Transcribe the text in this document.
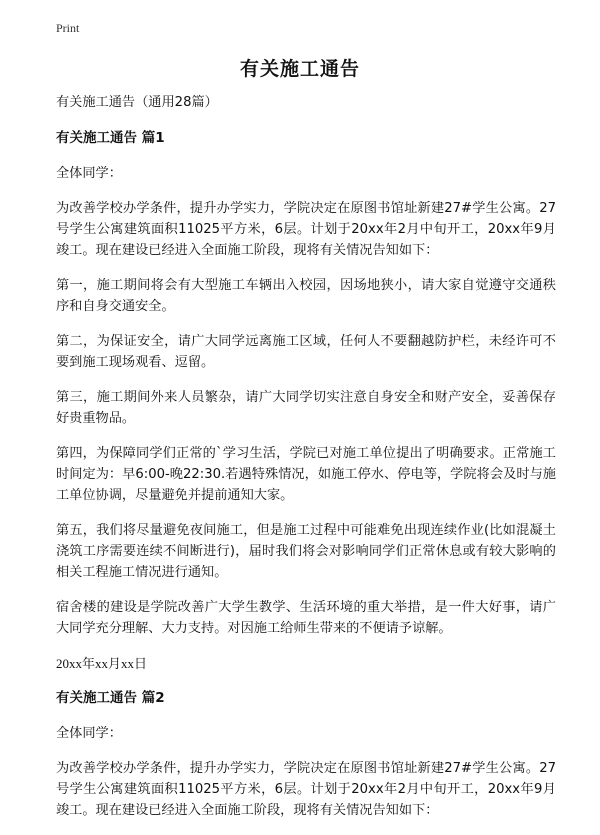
Print
有关施工通告

有关施工通告（通用28篇）

有关施工通告 篇1

全体同学：

为改善学校办学条件，提升办学实力，学院决定在原图书馆址新建27#学生公寓。27号学生公寓建筑面积11025平方米，6层。计划于20xx年2月中旬开工，20xx年9月竣工。现在建设已经进入全面施工阶段，现将有关情况告知如下：

第一，施工期间将会有大型施工车辆出入校园，因场地狭小，请大家自觉遵守交通秩序和自身交通安全。

第二，为保证安全，请广大同学远离施工区域，任何人不要翻越防护栏，未经许可不要到施工现场观看、逗留。

第三，施工期间外来人员繁杂，请广大同学切实注意自身安全和财产安全，妥善保存好贵重物品。

第四，为保障同学们正常的`学习生活，学院已对施工单位提出了明确要求。正常施工时间定为：早6:00-晚22:30.若遇特殊情况，如施工停水、停电等，学院将会及时与施工单位协调，尽量避免并提前通知大家。

第五，我们将尽量避免夜间施工，但是施工过程中可能难免出现连续作业(比如混凝土浇筑工序需要连续不间断进行)，届时我们将会对影响同学们正常休息或有较大影响的相关工程施工情况进行通知。

宿舍楼的建设是学院改善广大学生教学、生活环境的重大举措，是一件大好事，请广大同学充分理解、大力支持。对因施工给师生带来的不便请予谅解。

20xx年xx月xx日

有关施工通告 篇2

全体同学：

为改善学校办学条件，提升办学实力，学院决定在原图书馆址新建27#学生公寓。27号学生公寓建筑面积11025平方米，6层。计划于20xx年2月中旬开工，20xx年9月竣工。现在建设已经进入全面施工阶段，现将有关情况告知如下：
